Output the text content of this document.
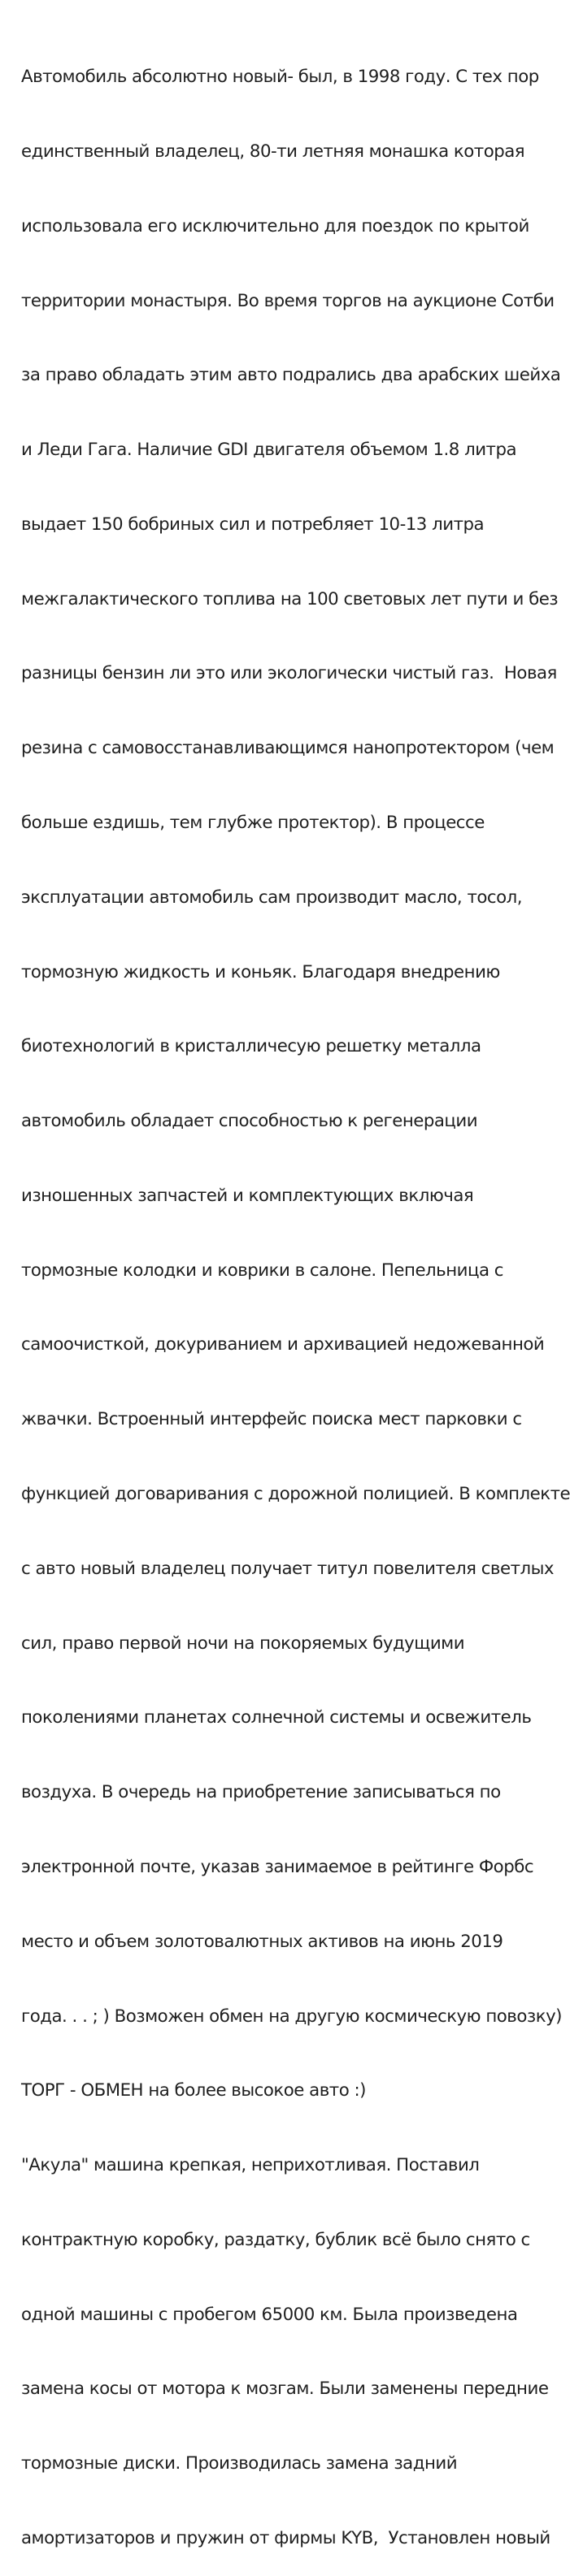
Автомобиль абсолютно новый- был, в 1998 году. С тех пор

единственный владелец, 80-ти летняя монашка которая

использовала его исключительно для поездок по крытой

территории монастыря. Во время торгов на аукционе Сотби

за право обладать этим авто подрались два арабских шейха

и Леди Гага. Наличие GDI двигателя объемом 1.8 литра

выдает 150 бобриных сил и потребляет 10-13 литра

межгалактического топлива на 100 световых лет пути и без

разницы бензин ли это или экологически чистый газ.  Новая

резина с самовосстанавливающимся нанопротектором (чем

больше ездишь, тем глубже протектор). В процессе

эксплуатации автомобиль сам производит масло, тосол,

тормозную жидкость и коньяк. Благодаря внедрению

биотехнологий в кристалличесую решетку металла

автомобиль обладает способностью к регенерации

изношенных запчастей и комплектующих включая

тормозные колодки и коврики в салоне. Пепельница с

самоочисткой, докуриванием и архивацией недожеванной

жвачки. Встроенный интерфейс поиска мест парковки с

функцией договаривания с дорожной полицией. В комплекте

с авто новый владелец получает титул повелителя светлых

сил, право первой ночи на покоряемых будущими

поколениями планетах солнечной системы и освежитель

воздуха. В очередь на приобретение записываться по

электронной почте, указав занимаемое в рейтинге Форбс

место и объем золотовалютных активов на июнь 2019

года. . . ; ) Возможен обмен на другую космическую повозку)

ТОРГ - ОБМЕН на более высокое авто :)

"Акула" машина крепкая, неприхотливая. Поставил

контрактную коробку, раздатку, бублик всё было снято с

одной машины с пробегом 65000 км. Была произведена

замена косы от мотора к мозгам. Были заменены передние

тормозные диски. Производилась замена задний

амортизаторов и пружин от фирмы KYB,  Установлен новый
